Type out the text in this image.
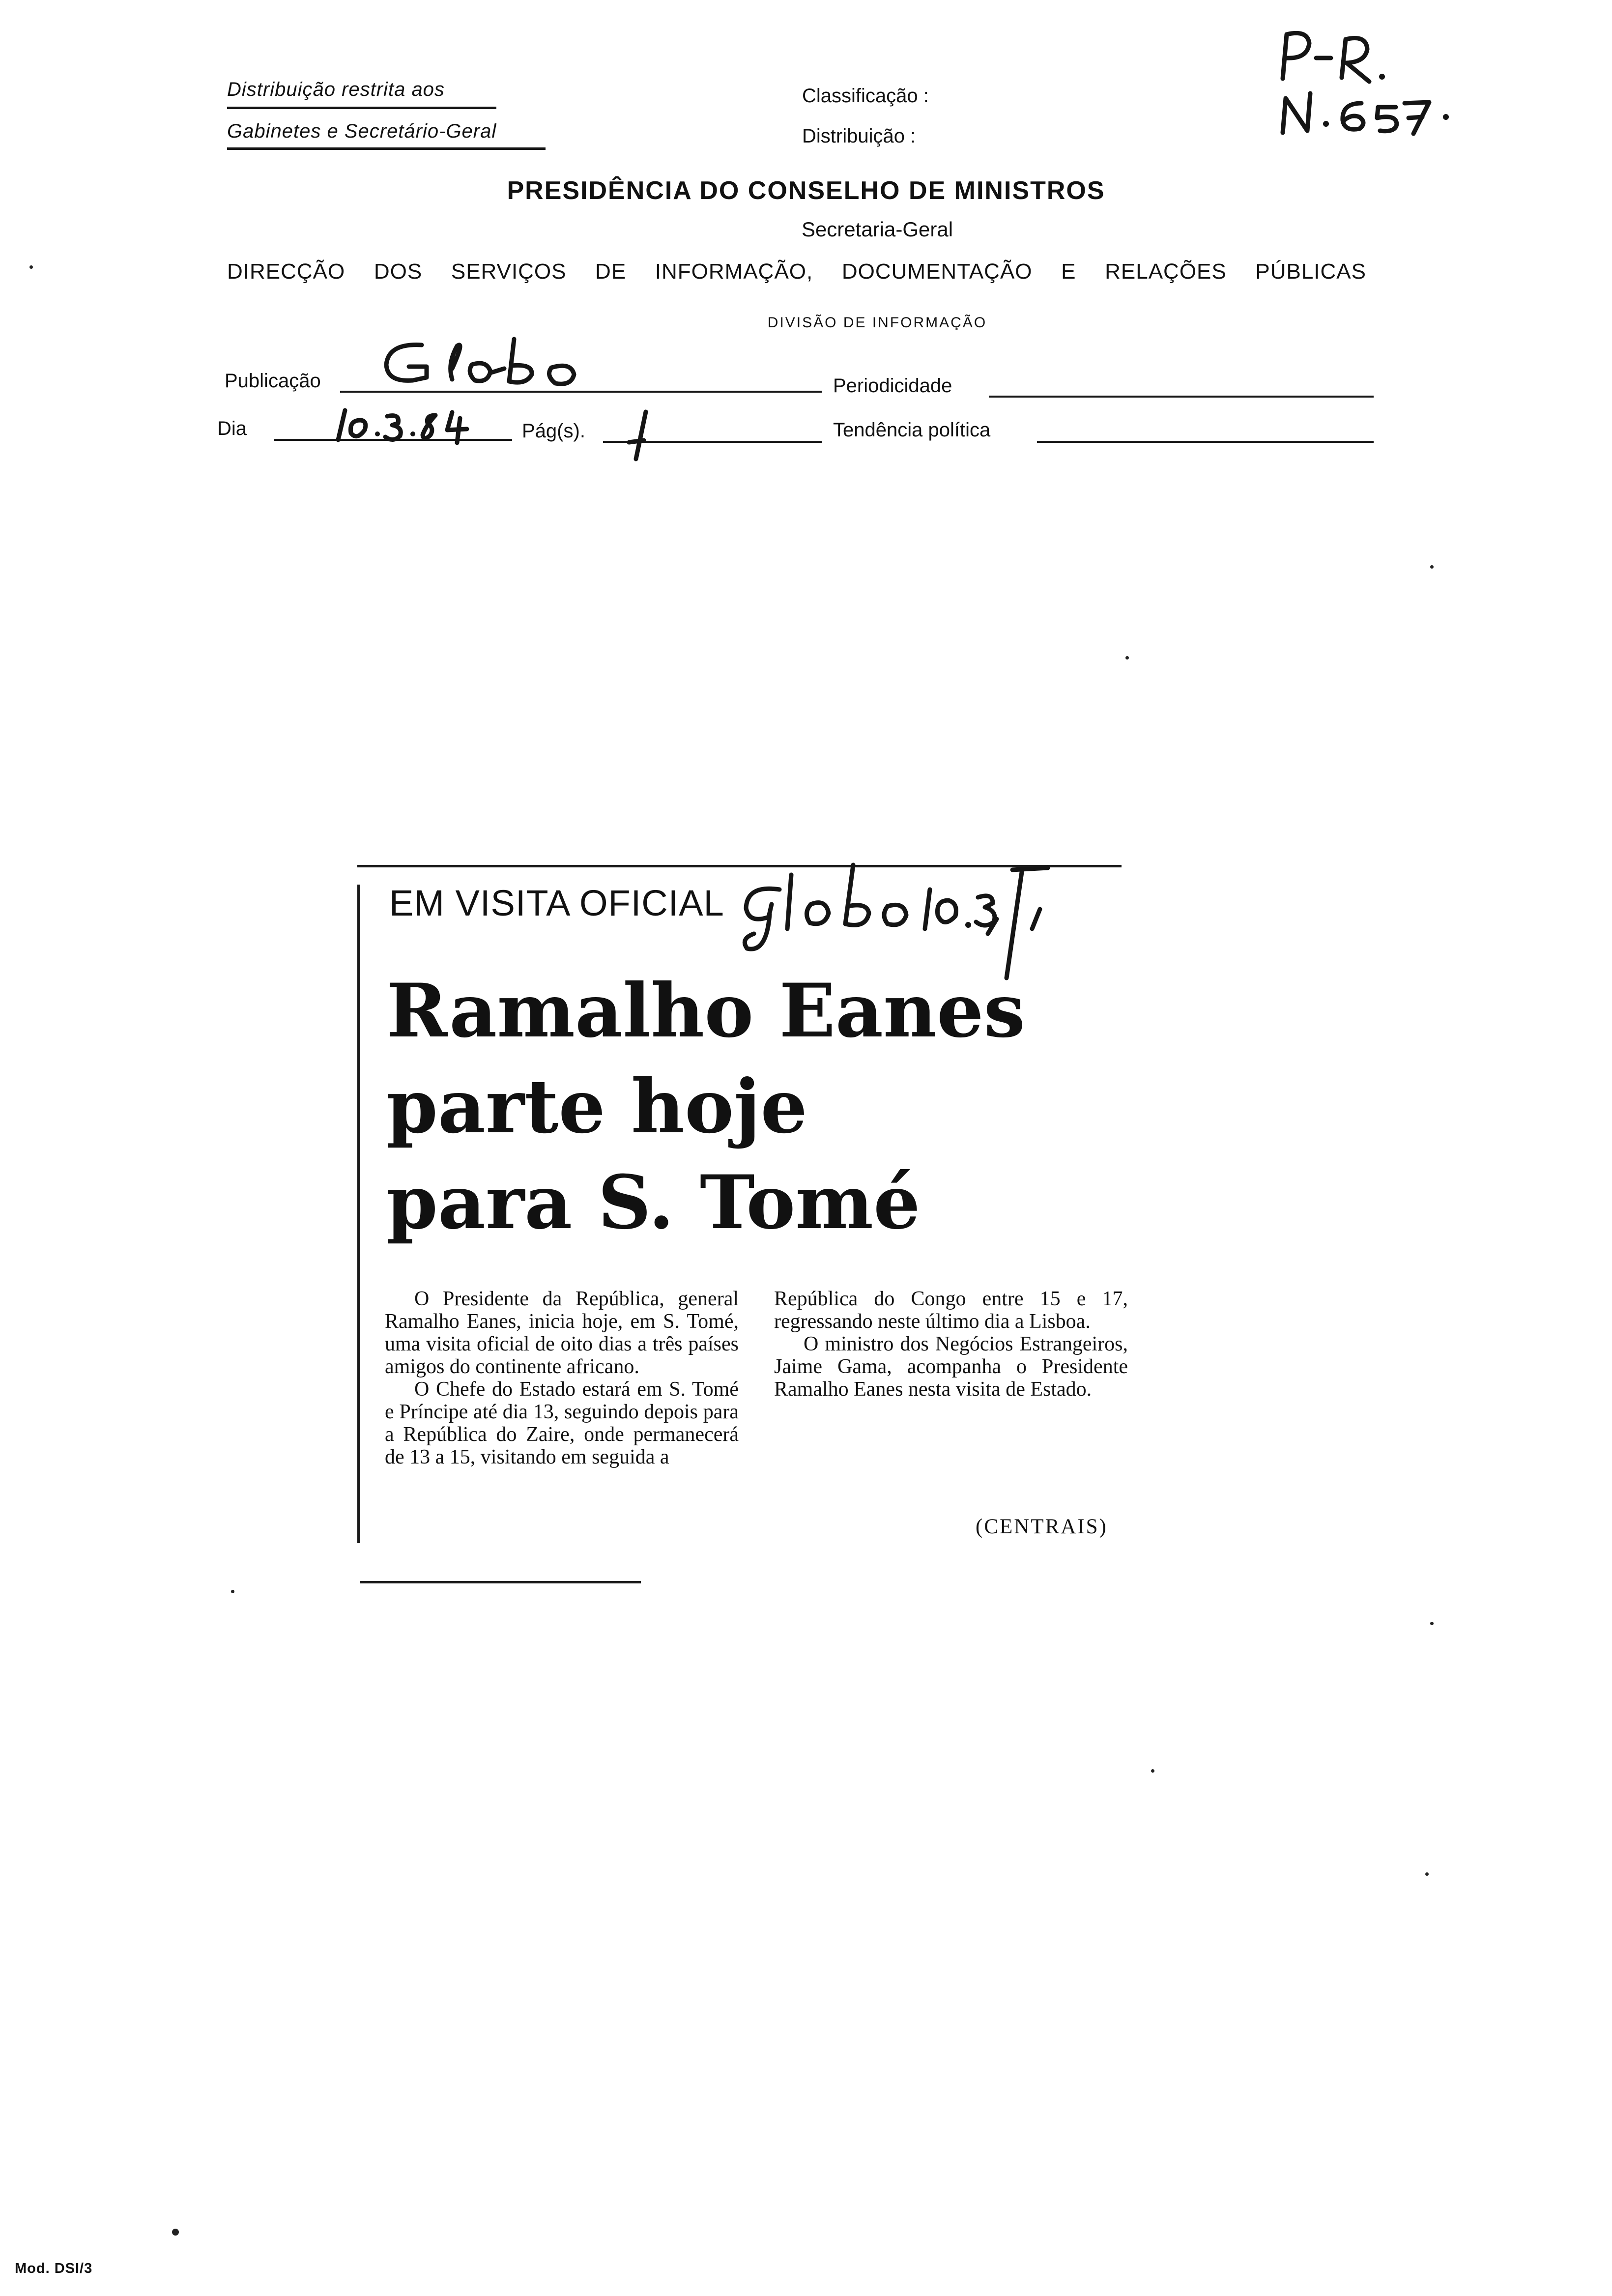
Distribuição restrita aos
Gabinetes e Secretário-Geral
Classificação :
Distribuição :
PRESIDÊNCIA DO CONSELHO DE MINISTROS
Secretaria-Geral
DIRECÇÃO DOS SERVIÇOS DE INFORMAÇÃO, DOCUMENTAÇÃO E RELAÇÕES PÚBLICAS
DIVISÃO DE INFORMAÇÃO
Publicação	Periodicidade
Dia	Pág(s).	Tendência política
EM VISITA OFICIAL
Ramalho Eanes
parte hoje
para S. Tomé

O Presidente da República, general Ramalho Eanes, inicia hoje, em S. Tomé, uma visita oficial de oito dias a três países amigos do continente africano.

O Chefe do Estado estará em S. Tomé e Príncipe até dia 13, seguindo depois para a República do Zaire, onde permanecerá de 13 a 15, visitando em seguida a

República do Congo entre 15 e 17, regressando neste último dia a Lisboa.

O ministro dos Negócios Estrangeiros, Jaime Gama, acompanha o Presidente Ramalho Eanes nesta visita de Estado.

(CENTRAIS)
Mod. DSI/3
